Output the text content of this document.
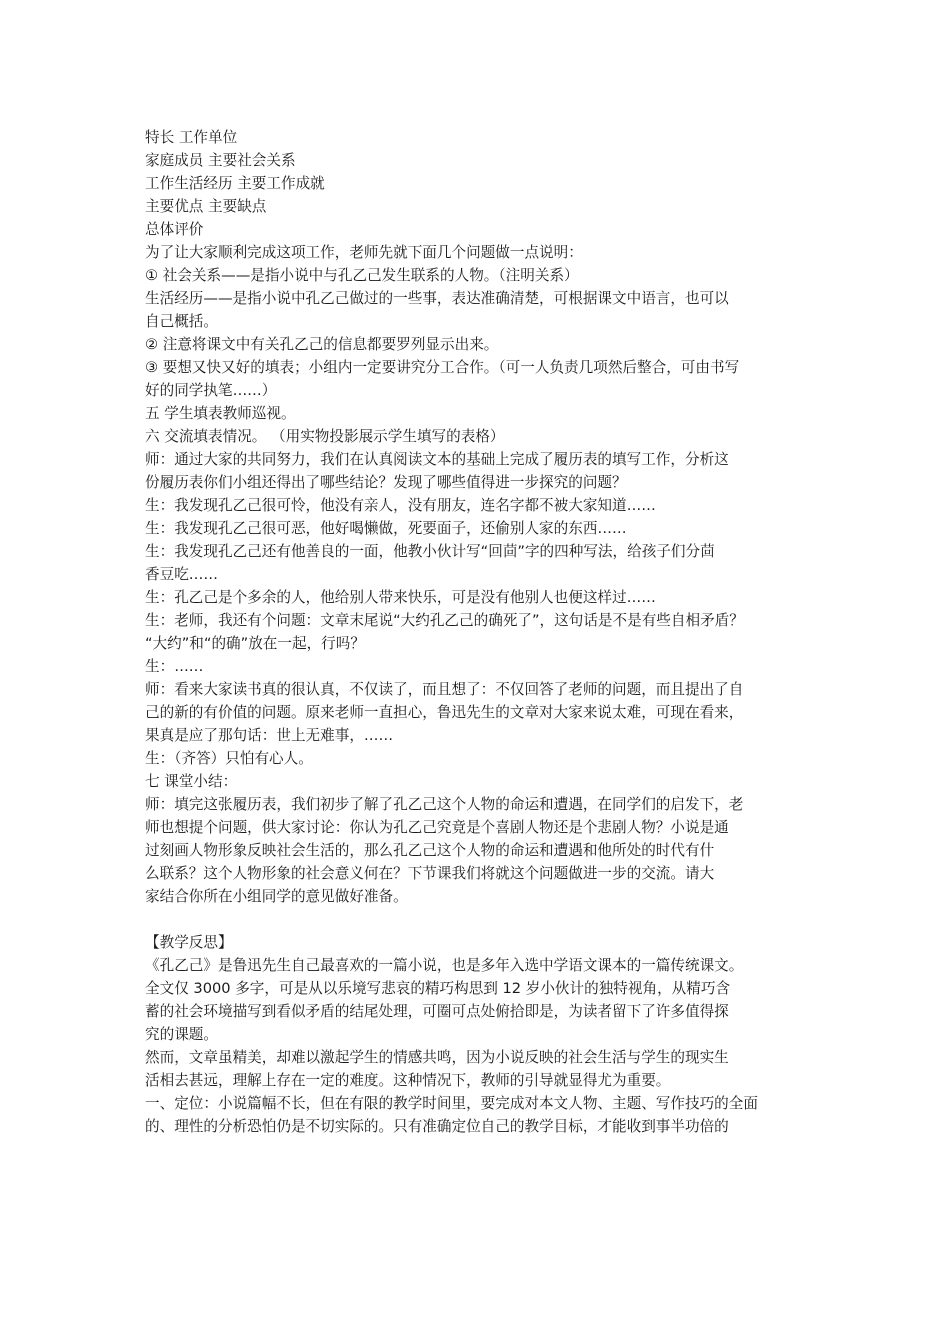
特长 工作单位

家庭成员 主要社会关系

工作生活经历 主要工作成就

主要优点 主要缺点

总体评价

为了让大家顺利完成这项工作，老师先就下面几个问题做一点说明：

① 社会关系——是指小说中与孔乙己发生联系的人物。（注明关系）

生活经历——是指小说中孔乙己做过的一些事，表达准确清楚，可根据课文中语言，也可以

自己概括。

② 注意将课文中有关孔乙己的信息都要罗列显示出来。

③ 要想又快又好的填表；小组内一定要讲究分工合作。（可一人负责几项然后整合，可由书写

好的同学执笔……）

五 学生填表教师巡视。

六 交流填表情况。 （用实物投影展示学生填写的表格）

师：通过大家的共同努力，我们在认真阅读文本的基础上完成了履历表的填写工作，分析这

份履历表你们小组还得出了哪些结论？发现了哪些值得进一步探究的问题？

生：我发现孔乙己很可怜，他没有亲人，没有朋友，连名字都不被大家知道……

生：我发现孔乙己很可恶，他好喝懒做，死要面子，还偷别人家的东西……

生：我发现孔乙己还有他善良的一面，他教小伙计写“回茴”字的四种写法，给孩子们分茴

香豆吃……

生：孔乙己是个多余的人，他给别人带来快乐，可是没有他别人也便这样过……

生：老师，我还有个问题：文章末尾说“大约孔乙己的确死了”，这句话是不是有些自相矛盾？

“大约”和“的确”放在一起，行吗？

生：……

师：看来大家读书真的很认真，不仅读了，而且想了：不仅回答了老师的问题，而且提出了自

己的新的有价值的问题。原来老师一直担心，鲁迅先生的文章对大家来说太难，可现在看来，

果真是应了那句话：世上无难事，……

生：（齐答）只怕有心人。

七 课堂小结：

师：填完这张履历表，我们初步了解了孔乙己这个人物的命运和遭遇，在同学们的启发下，老

师也想提个问题，供大家讨论：你认为孔乙己究竟是个喜剧人物还是个悲剧人物？小说是通

过刻画人物形象反映社会生活的，那么孔乙己这个人物的命运和遭遇和他所处的时代有什

么联系？这个人物形象的社会意义何在？下节课我们将就这个问题做进一步的交流。请大

家结合你所在小组同学的意见做好准备。

【教学反思】

《孔乙己》是鲁迅先生自己最喜欢的一篇小说，也是多年入选中学语文课本的一篇传统课文。

全文仅 3000 多字，可是从以乐境写悲哀的精巧构思到 12 岁小伙计的独特视角，从精巧含

蓄的社会环境描写到看似矛盾的结尾处理，可圈可点处俯拾即是，为读者留下了许多值得探

究的课题。

然而，文章虽精美，却难以激起学生的情感共鸣，因为小说反映的社会生活与学生的现实生

活相去甚远，理解上存在一定的难度。这种情况下，教师的引导就显得尤为重要。

一、定位：小说篇幅不长，但在有限的教学时间里，要完成对本文人物、主题、写作技巧的全面

的、理性的分析恐怕仍是不切实际的。只有准确定位自己的教学目标，才能收到事半功倍的
